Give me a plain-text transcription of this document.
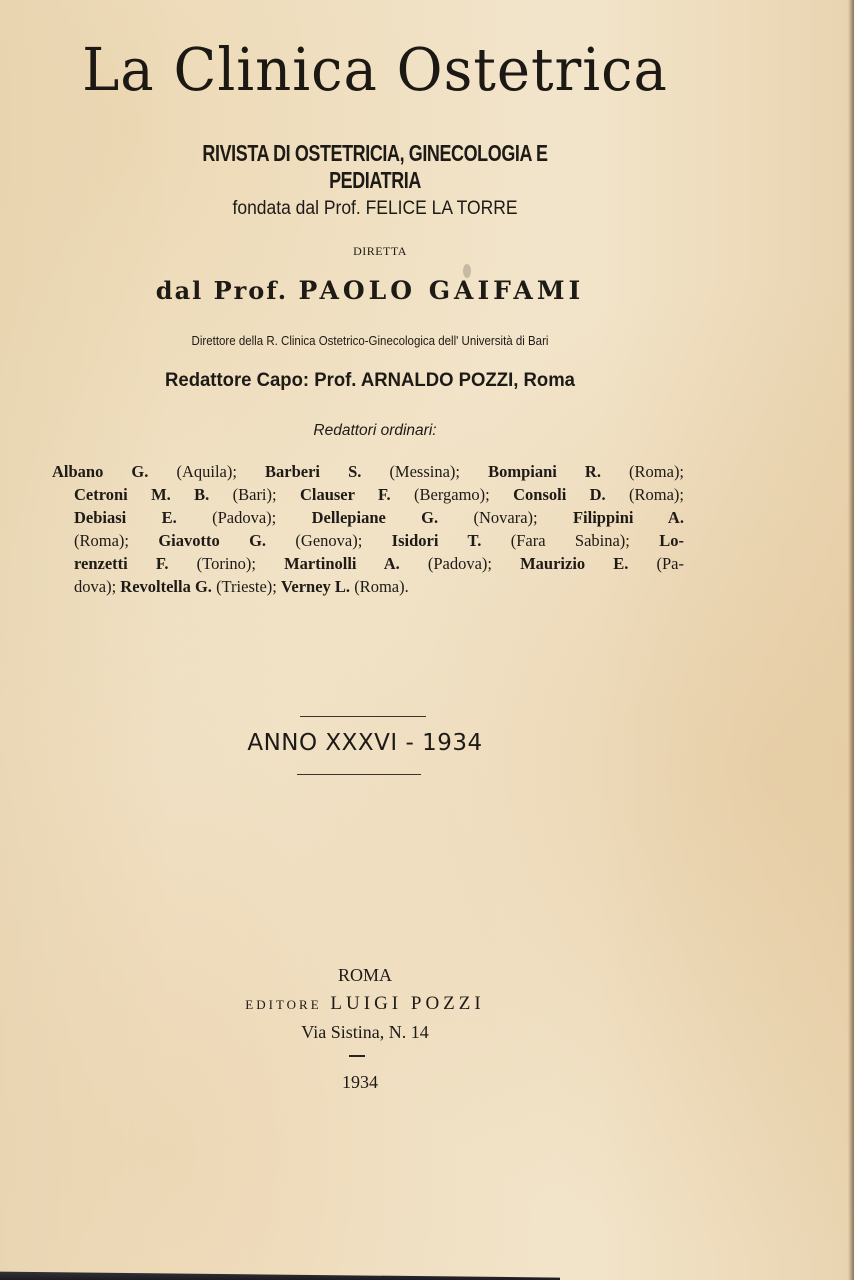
La Clinica Ostetrica
RIVISTA DI OSTETRICIA, GINECOLOGIA E PEDIATRIA
fondata dal Prof. FELICE LA TORRE
DIRETTA
dal Prof. PAOLO GAIFAMI
Direttore della R. Clinica Ostetrico-Ginecologica dell' Università di Bari
Redattore Capo: Prof. ARNALDO POZZI, Roma
Redattori ordinari:
Albano G. (Aquila); Barberi S. (Messina); Bompiani R. (Roma);
Cetroni M. B. (Bari); Clauser F. (Bergamo); Consoli D. (Roma);
Debiasi E. (Padova); Dellepiane G. (Novara); Filippini A.
(Roma); Giavotto G. (Genova); Isidori T. (Fara Sabina); Lo-
renzetti F. (Torino); Martinolli A. (Padova); Maurizio E. (Pa-
dova); Revoltella G. (Trieste); Verney L. (Roma).
ANNO XXXVI - 1934
ROMA
EDITORE LUIGI POZZI
Via Sistina, N. 14
1934
